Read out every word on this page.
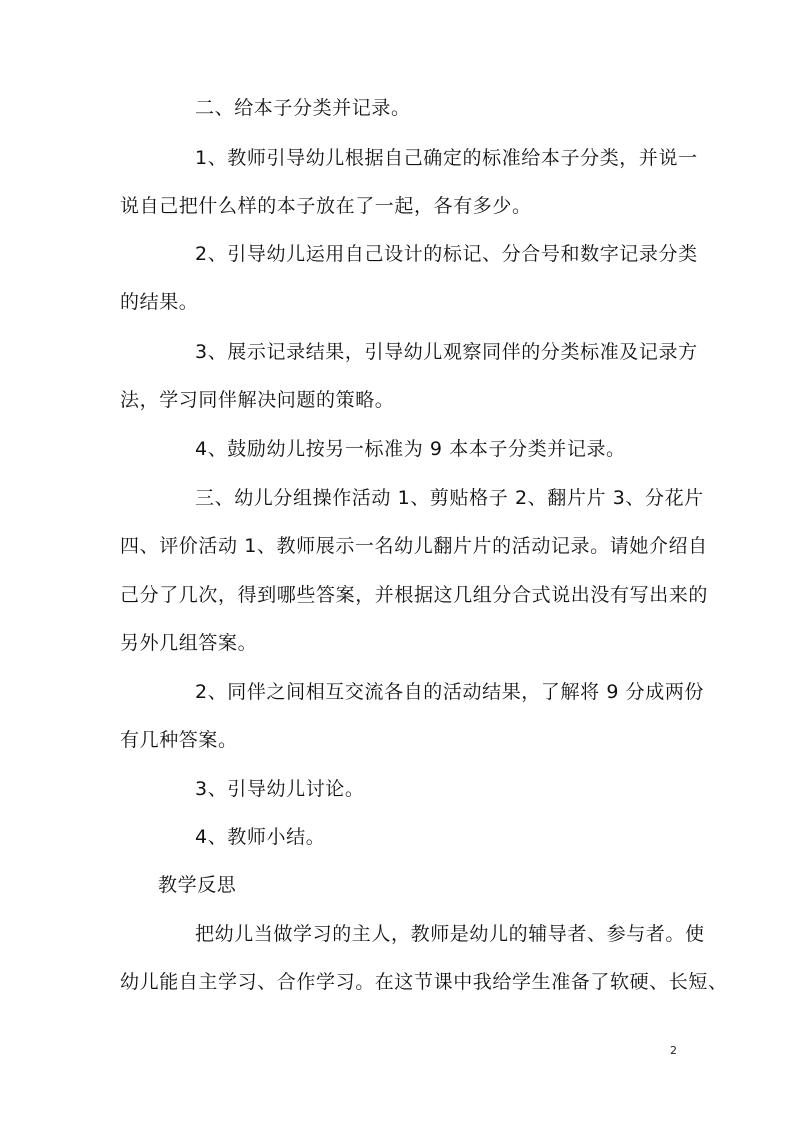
二、给本子分类并记录。
1、教师引导幼儿根据自己确定的标准给本子分类，并说一
说自己把什么样的本子放在了一起，各有多少。
2、引导幼儿运用自己设计的标记、分合号和数字记录分类
的结果。
3、展示记录结果，引导幼儿观察同伴的分类标准及记录方
法，学习同伴解决问题的策略。
4、鼓励幼儿按另一标准为 9 本本子分类并记录。
三、幼儿分组操作活动 1、剪贴格子 2、翻片片 3、分花片
四、评价活动 1、教师展示一名幼儿翻片片的活动记录。请她介绍自
己分了几次，得到哪些答案，并根据这几组分合式说出没有写出来的
另外几组答案。
2、同伴之间相互交流各自的活动结果，了解将 9 分成两份
有几种答案。
3、引导幼儿讨论。
4、教师小结。
教学反思
把幼儿当做学习的主人，教师是幼儿的辅导者、参与者。使
幼儿能自主学习、合作学习。在这节课中我给学生准备了软硬、长短、
2
